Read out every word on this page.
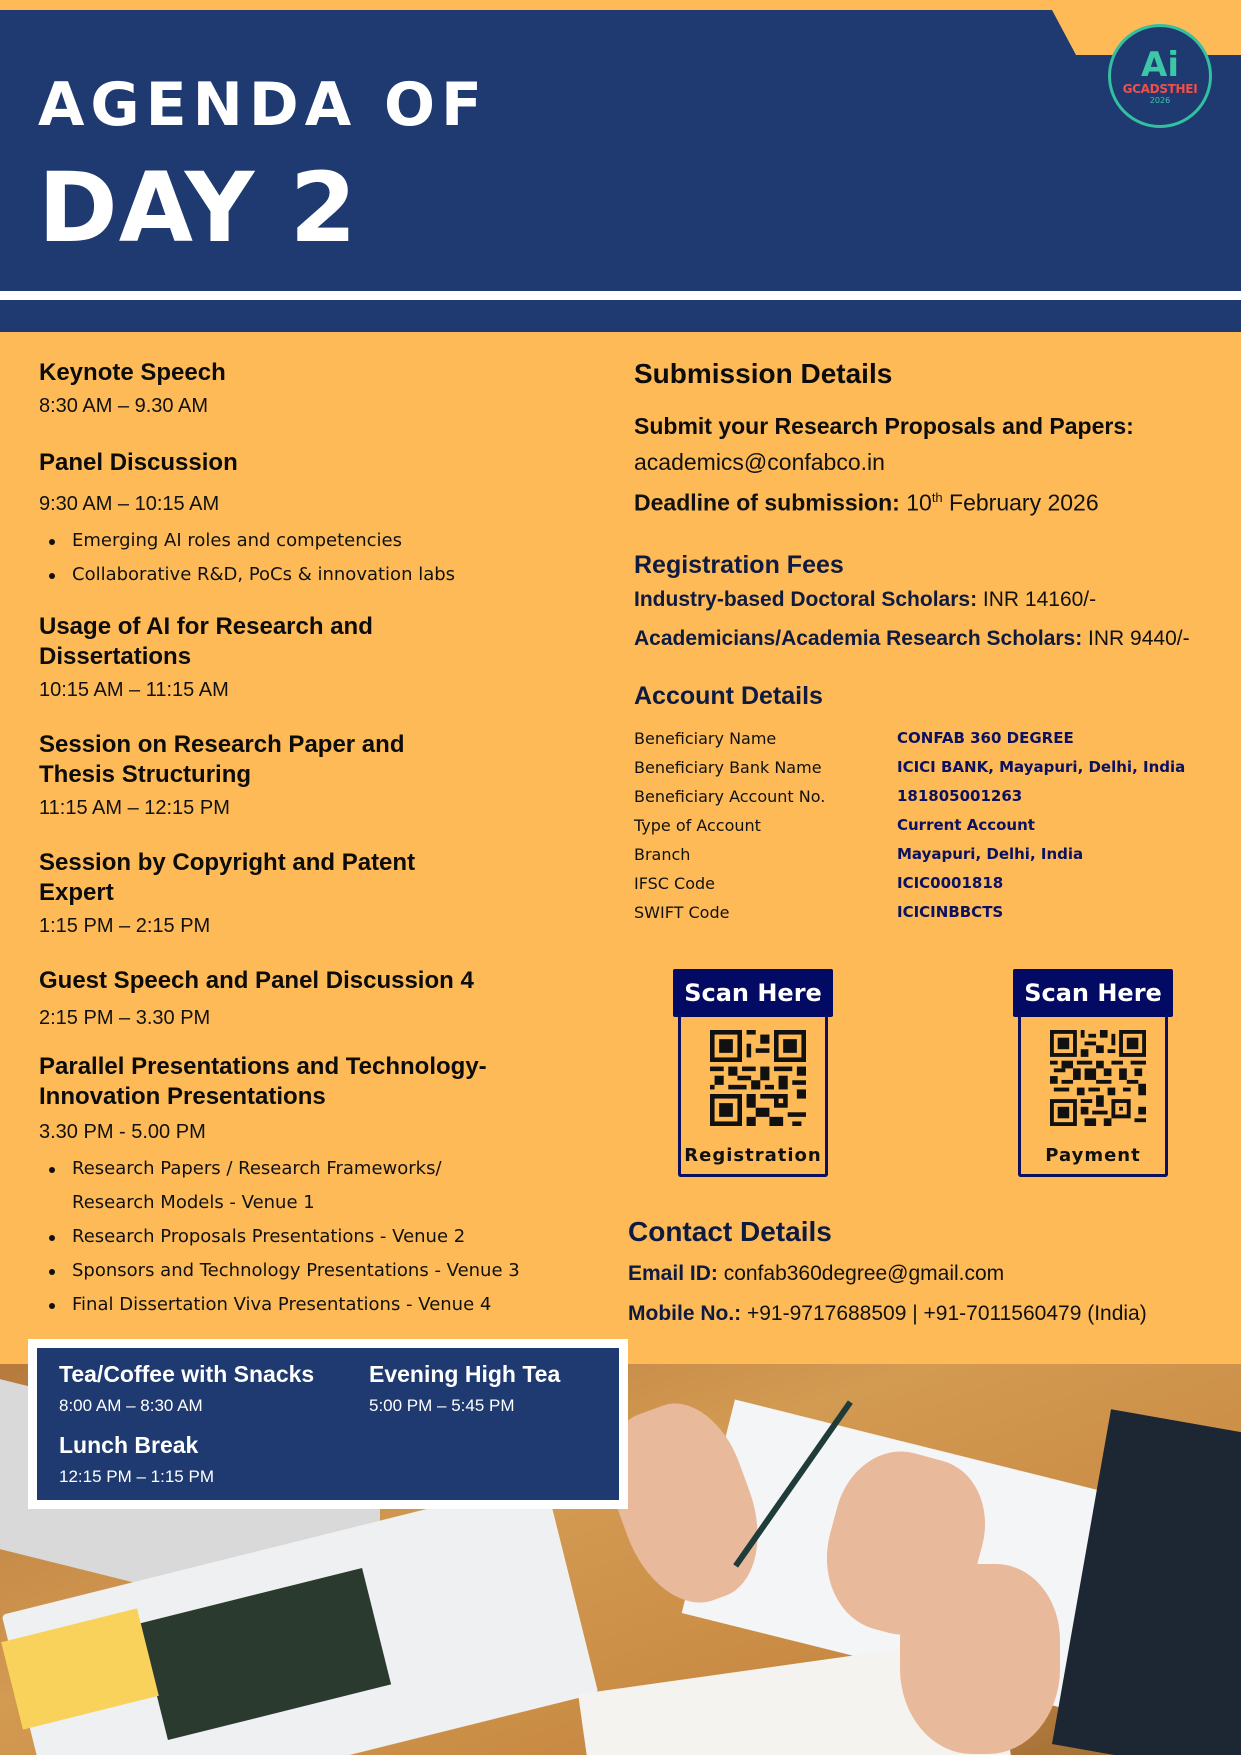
AGENDA OF
DAY 2
Ai
GCADSTHEI
2026
Keynote Speech
8:30 AM – 9.30 AM
Panel Discussion
9:30 AM – 10:15 AM
Emerging AI roles and competencies
Collaborative R&D, PoCs & innovation labs
Usage of AI for Research and Dissertations
10:15 AM – 11:15 AM
Session on Research Paper and Thesis Structuring
11:15 AM – 12:15 PM
Session by Copyright and Patent Expert
1:15 PM – 2:15 PM
Guest Speech and Panel Discussion 4
2:15 PM – 3.30 PM
Parallel Presentations and Technology-Innovation Presentations
3.30 PM - 5.00 PM
Research Papers / Research Frameworks/ Research Models - Venue 1
Research Proposals Presentations - Venue 2
Sponsors and Technology Presentations - Venue 3
Final Dissertation Viva Presentations - Venue 4
Submission Details
Submit your Research Proposals and Papers:
academics@confabco.in
Deadline of submission: 10th February 2026
Registration Fees
Industry-based Doctoral Scholars: INR 14160/-
Academicians/Academia Research Scholars: INR 9440/-
Account Details
Beneficiary Name	CONFAB 360 DEGREE
Beneficiary Bank Name	ICICI BANK, Mayapuri, Delhi, India
Beneficiary Account No.	181805001263
Type of Account	Current Account
Branch	Mayapuri, Delhi, India
IFSC Code	ICIC0001818
SWIFT Code	ICICINBBCTS
Scan Here
Registration
Scan Here
Payment
Contact Details
Email ID: confab360degree@gmail.com
Mobile No.: +91-9717688509 | +91-7011560479 (India)
Tea/Coffee with Snacks
8:00 AM – 8:30 AM
Evening High Tea
5:00 PM – 5:45 PM
Lunch Break
12:15 PM – 1:15 PM
